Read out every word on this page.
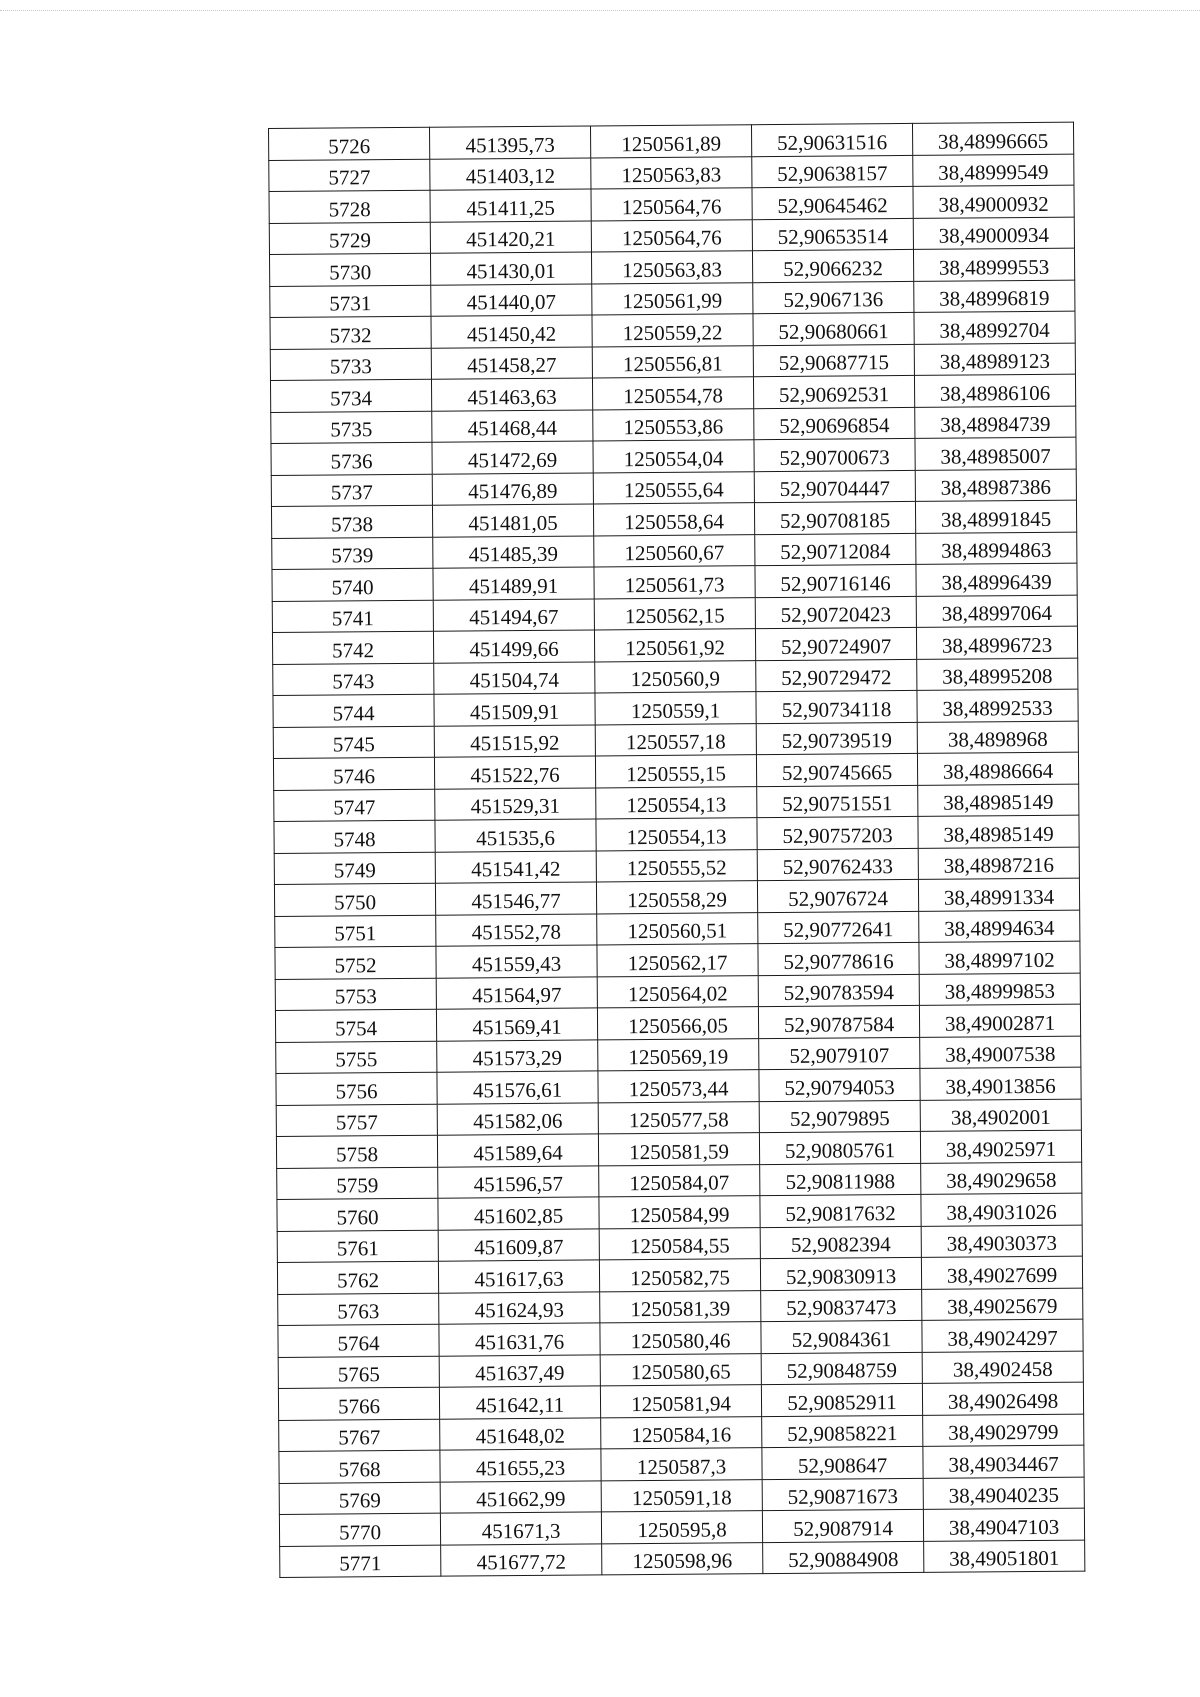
5726	451395,73	1250561,89	52,90631516	38,48996665
5727	451403,12	1250563,83	52,90638157	38,48999549
5728	451411,25	1250564,76	52,90645462	38,49000932
5729	451420,21	1250564,76	52,90653514	38,49000934
5730	451430,01	1250563,83	52,9066232	38,48999553
5731	451440,07	1250561,99	52,9067136	38,48996819
5732	451450,42	1250559,22	52,90680661	38,48992704
5733	451458,27	1250556,81	52,90687715	38,48989123
5734	451463,63	1250554,78	52,90692531	38,48986106
5735	451468,44	1250553,86	52,90696854	38,48984739
5736	451472,69	1250554,04	52,90700673	38,48985007
5737	451476,89	1250555,64	52,90704447	38,48987386
5738	451481,05	1250558,64	52,90708185	38,48991845
5739	451485,39	1250560,67	52,90712084	38,48994863
5740	451489,91	1250561,73	52,90716146	38,48996439
5741	451494,67	1250562,15	52,90720423	38,48997064
5742	451499,66	1250561,92	52,90724907	38,48996723
5743	451504,74	1250560,9	52,90729472	38,48995208
5744	451509,91	1250559,1	52,90734118	38,48992533
5745	451515,92	1250557,18	52,90739519	38,4898968
5746	451522,76	1250555,15	52,90745665	38,48986664
5747	451529,31	1250554,13	52,90751551	38,48985149
5748	451535,6	1250554,13	52,90757203	38,48985149
5749	451541,42	1250555,52	52,90762433	38,48987216
5750	451546,77	1250558,29	52,9076724	38,48991334
5751	451552,78	1250560,51	52,90772641	38,48994634
5752	451559,43	1250562,17	52,90778616	38,48997102
5753	451564,97	1250564,02	52,90783594	38,48999853
5754	451569,41	1250566,05	52,90787584	38,49002871
5755	451573,29	1250569,19	52,9079107	38,49007538
5756	451576,61	1250573,44	52,90794053	38,49013856
5757	451582,06	1250577,58	52,9079895	38,4902001
5758	451589,64	1250581,59	52,90805761	38,49025971
5759	451596,57	1250584,07	52,90811988	38,49029658
5760	451602,85	1250584,99	52,90817632	38,49031026
5761	451609,87	1250584,55	52,9082394	38,49030373
5762	451617,63	1250582,75	52,90830913	38,49027699
5763	451624,93	1250581,39	52,90837473	38,49025679
5764	451631,76	1250580,46	52,9084361	38,49024297
5765	451637,49	1250580,65	52,90848759	38,4902458
5766	451642,11	1250581,94	52,90852911	38,49026498
5767	451648,02	1250584,16	52,90858221	38,49029799
5768	451655,23	1250587,3	52,908647	38,49034467
5769	451662,99	1250591,18	52,90871673	38,49040235
5770	451671,3	1250595,8	52,9087914	38,49047103
5771	451677,72	1250598,96	52,90884908	38,49051801
